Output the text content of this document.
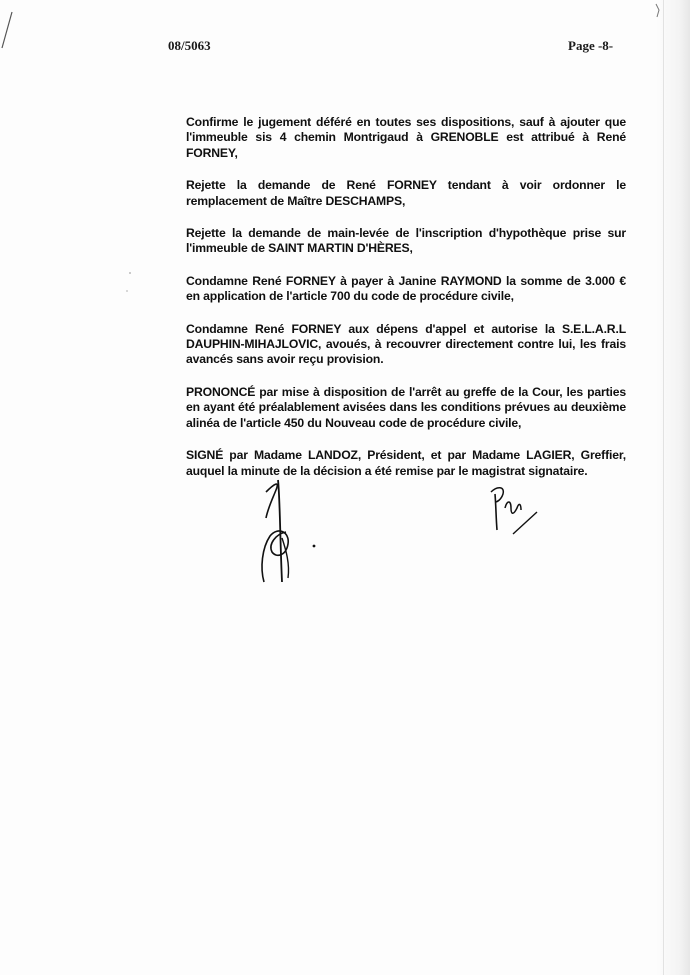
08/5063	Page -8-

Confirme le jugement déféré en toutes ses dispositions, sauf à ajouter que l'immeuble sis 4 chemin Montrigaud à GRENOBLE est attribué à René FORNEY,

Rejette la demande de René FORNEY tendant à voir ordonner le remplacement de Maître DESCHAMPS,

Rejette la demande de main-levée de l'inscription d'hypothèque prise sur l'immeuble de SAINT MARTIN D'HÈRES,

Condamne René FORNEY à payer à Janine RAYMOND la somme de 3.000 € en application de l'article 700 du code de procédure civile,

Condamne René FORNEY aux dépens d'appel et autorise la S.E.L.A.R.L DAUPHIN-MIHAJLOVIC, avoués, à recouvrer directement contre lui, les frais avancés sans avoir reçu provision.

PRONONCÉ par mise à disposition de l'arrêt au greffe de la Cour, les parties en ayant été préalablement avisées dans les conditions prévues au deuxième alinéa de l'article 450 du Nouveau code de procédure civile,

SIGNÉ par Madame LANDOZ, Président, et par Madame LAGIER, Greffier, auquel la minute de la décision a été remise par le magistrat signataire.
